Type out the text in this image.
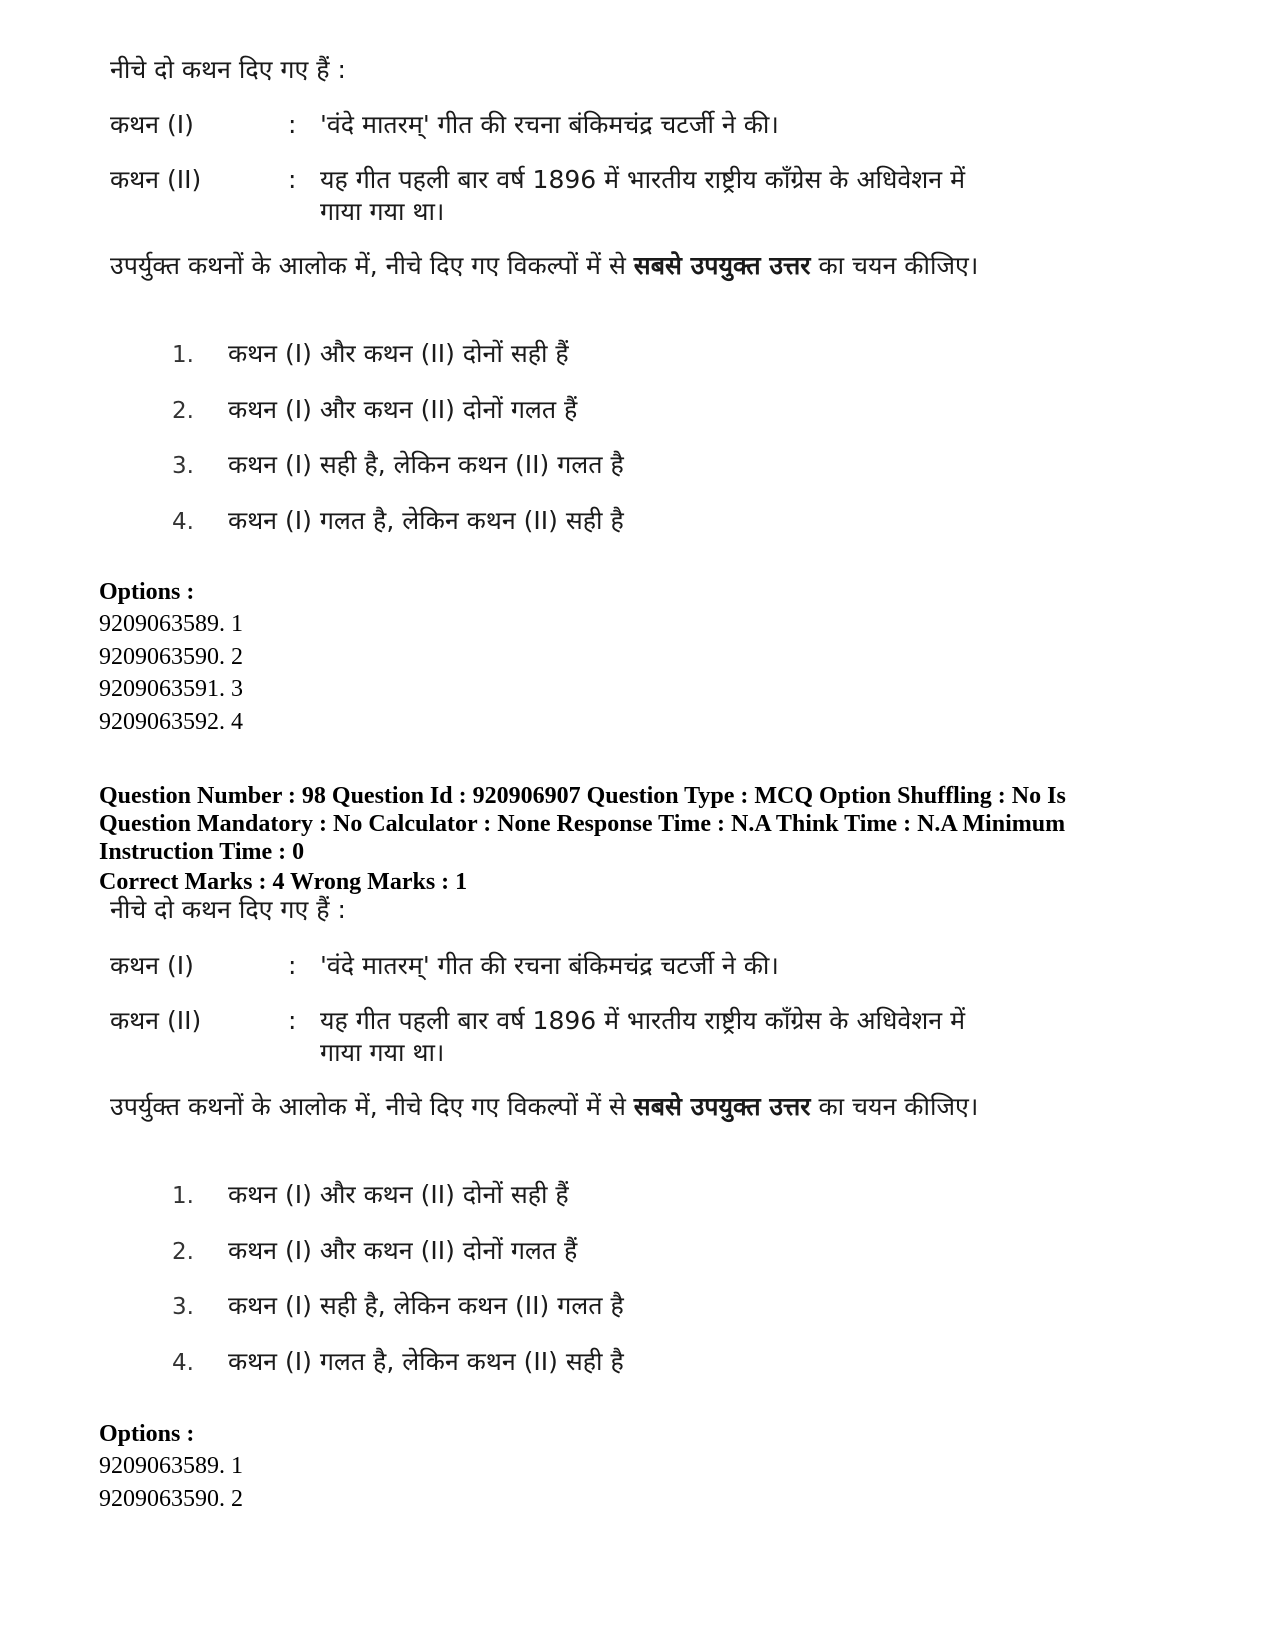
नीचे दो कथन दिए गए हैं :
कथन (I)	: 'वंदे मातरम्' गीत की रचना बंकिमचंद्र चटर्जी ने की।
कथन (II)	: यह गीत पहली बार वर्ष 1896 में भारतीय राष्ट्रीय काँग्रेस के अधिवेशन में गाया गया था।
उपर्युक्त कथनों के आलोक में, नीचे दिए गए विकल्पों में से सबसे उपयुक्त उत्तर का चयन कीजिए।
1. कथन (I) और कथन (II) दोनों सही हैं
2. कथन (I) और कथन (II) दोनों गलत हैं
3. कथन (I) सही है, लेकिन कथन (II) गलत है
4. कथन (I) गलत है, लेकिन कथन (II) सही है
Options :
9209063589. 1
9209063590. 2
9209063591. 3
9209063592. 4
Question Number : 98 Question Id : 920906907 Question Type : MCQ Option Shuffling : No Is Question Mandatory : No Calculator : None Response Time : N.A Think Time : N.A Minimum Instruction Time : 0
Correct Marks : 4 Wrong Marks : 1
नीचे दो कथन दिए गए हैं :
कथन (I)	: 'वंदे मातरम्' गीत की रचना बंकिमचंद्र चटर्जी ने की।
कथन (II)	: यह गीत पहली बार वर्ष 1896 में भारतीय राष्ट्रीय काँग्रेस के अधिवेशन में गाया गया था।
उपर्युक्त कथनों के आलोक में, नीचे दिए गए विकल्पों में से सबसे उपयुक्त उत्तर का चयन कीजिए।
1. कथन (I) और कथन (II) दोनों सही हैं
2. कथन (I) और कथन (II) दोनों गलत हैं
3. कथन (I) सही है, लेकिन कथन (II) गलत है
4. कथन (I) गलत है, लेकिन कथन (II) सही है
Options :
9209063589. 1
9209063590. 2
